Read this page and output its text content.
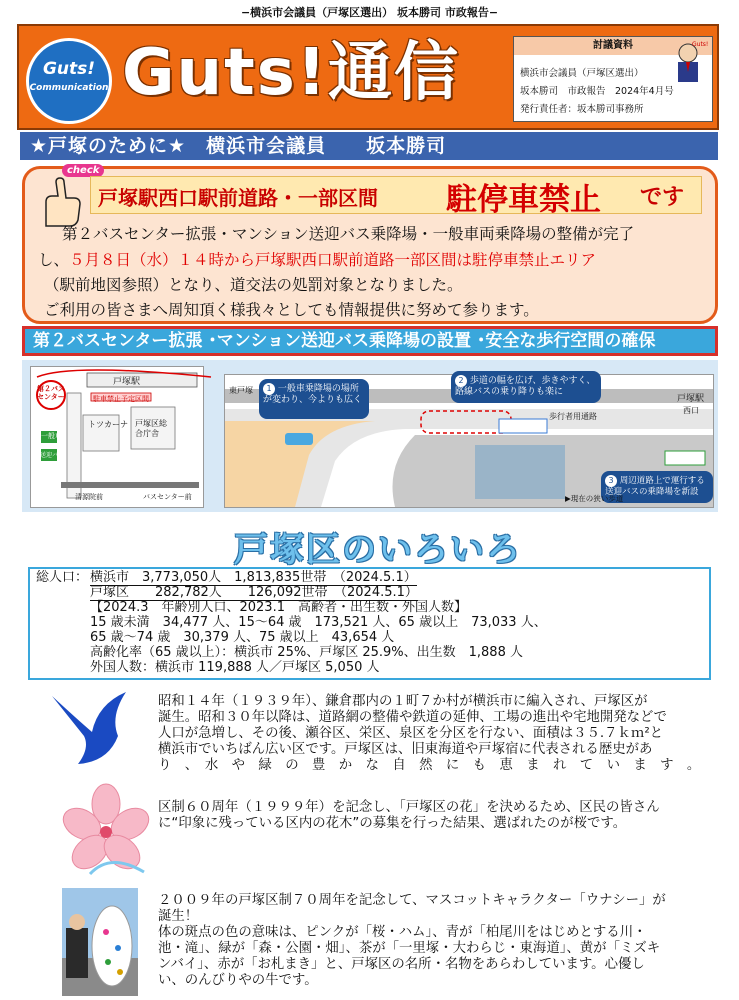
−横浜市会議員（戸塚区選出） 坂本勝司 市政報告−
Guts!
Communication Guts!通信	討議資料
横浜市会議員（戸塚区選出）
坂本勝司　市政報告　2024年4月号
発行責任者：坂本勝司事務所
Guts!
★戸塚のために★　横浜市会議員　　坂本勝司
check
戸塚駅西口駅前道路・一部区間 駐停車禁止 です
第２バスセンター拡張・マンション送迎バス乗降場・一般車両乗降場の整備が完了
し、５月８日（水）１４時から戸塚駅西口駅前道路一部区間は駐停車禁止エリア
（駅前地図参照）となり、道交法の処罰対象となりました。
ご利用の皆さまへ周知頂く様我々としても情報提供に努めて参ります。
第２バスセンター拡張 ･マンション送迎バス乗降場の設置 ･安全な歩行空間の確保
戸塚駅
第２バスセンター	駐車禁止予定区間
トツカーナ 戸塚区総合庁舎
一般車
送迎バス
清源院前	バスセンター前
東戸塚
戸塚駅
西口
1 一般車乗降場の場所が変わり、今よりも広く
2 歩道の幅を広げ、歩きやすく、路線バスの乗り降りも楽に
歩行者用通路
3 周辺道路上で運行する送迎バスの乗降場を新設
▶現在の狭い歩道
戸塚区のいろいろ
総人口： 横浜市　3,773,050人　1,813,835世帯　（2024.5.1）
戸塚区　　282,782人　　126,092世帯　（2024.5.1）
【2024.3　年齢別人口、2023.1　高齢者・出生数・外国人数】
15 歳未満　34,477 人、15～64 歳　173,521 人、65 歳以上　73,033 人、
65 歳～74 歳　30,379 人、75 歳以上　43,654 人
高齢化率（65 歳以上）：横浜市 25%、戸塚区 25.9%、出生数　1,888 人
外国人数：横浜市 119,888 人／戸塚区 5,050 人
昭和１４年（１９３９年）、鎌倉郡内の１町７か村が横浜市に編入され、戸塚区が
誕生。昭和３０年以降は、道路網の整備や鉄道の延伸、工場の進出や宅地開発などで
人口が急増し、その後、瀬谷区、栄区、泉区を分区を行ない、面積は３５.７ｋｍ²と
横浜市でいちばん広い区です。戸塚区は、旧東海道や戸塚宿に代表される歴史があ
り　、　水　や　緑　の　豊　か　な　自　然　に　も　恵　ま　れ　て　い　ま　す　。
区制６０周年（１９９９年）を記念し、「戸塚区の花」を決めるため、区民の皆さん
に“印象に残っている区内の花木”の募集を行った結果、選ばれたのが桜です。
２００９年の戸塚区制７０周年を記念して、マスコットキャラクター「ウナシー」が
誕生！
体の斑点の色の意味は、ピンクが「桜・ハム」、青が「柏尾川をはじめとする川・
池・滝」、緑が「森・公園・畑」、茶が「一里塚・大わらじ・東海道」、黄が「ミズキ
ンバイ」、赤が「お札まき」と、戸塚区の名所・名物をあらわしています。心優し
い、のんびりやの牛です。
